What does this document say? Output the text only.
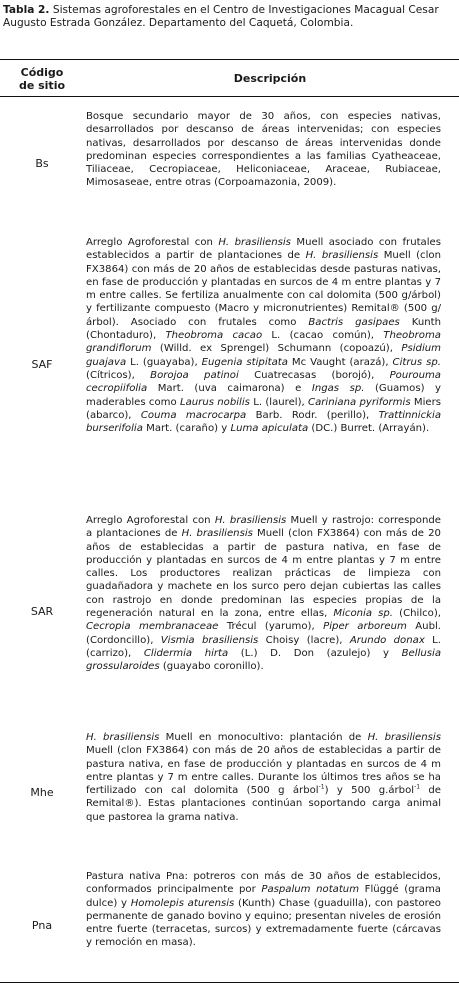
Tabla 2. Sistemas agroforestales en el Centro de Investigaciones Macagual Cesar Augusto Estrada González. Departamento del Caquetá, Colombia.
Código
de sitio
Descripción
Bs
Bosque secundario mayor de 30 años, con especies nativas, desarrollados por descanso de áreas intervenidas; con especies nativas, desarrollados por descanso de áreas intervenidas donde predominan especies correspondientes a las familias Cyatheaceae, Tiliaceae, Cecropiaceae, Heliconiaceae, Araceae, Rubiaceae, Mimosaseae, entre otras (Corpoamazonia, 2009).
SAF
Arreglo Agroforestal con H. brasiliensis Muell asociado con frutales establecidos a partir de plantaciones de H. brasiliensis Muell (clon FX3864) con más de 20 años de establecidas desde pasturas nativas, en fase de producción y plantadas en surcos de 4 m entre plantas y 7 m entre calles. Se fertiliza anualmente con cal dolomita (500 g/árbol) y fertilizante compuesto (Macro y micronutrientes) Remital® (500 g/árbol). Asociado con frutales como Bactris gasipaes Kunth (Chontaduro), Theobroma cacao L. (cacao común), Theobroma grandiflorum (Willd. ex Sprengel) Schumann (copoazú), Psidium guajava L. (guayaba), Eugenia stipitata Mc Vaught (arazá), Citrus sp. (Cítricos), Borojoa patinoi Cuatrecasas (borojó), Pourouma cecropiifolia Mart. (uva caimarona) e Ingas sp. (Guamos) y maderables como Laurus nobilis L. (laurel), Cariniana pyriformis Miers (abarco), Couma macrocarpa Barb. Rodr. (perillo), Trattinnickia burserifolia Mart. (caraño) y Luma apiculata (DC.) Burret. (Arrayán).
SAR
Arreglo Agroforestal con H. brasiliensis Muell y rastrojo: corresponde a plantaciones de H. brasiliensis Muell (clon FX3864) con más de 20 años de establecidas a partir de pastura nativa, en fase de producción y plantadas en surcos de 4 m entre plantas y 7 m entre calles. Los productores realizan prácticas de limpieza con guadañadora y machete en los surco pero dejan cubiertas las calles con rastrojo en donde predominan las especies propias de la regeneración natural en la zona, entre ellas, Miconia sp. (Chilco), Cecropia membranaceae Trécul (yarumo), Piper arboreum Aubl. (Cordoncillo), Vismia brasiliensis Choisy (lacre), Arundo donax L. (carrizo), Clidermia hirta (L.) D. Don (azulejo) y Bellusia grossularoides (guayabo coronillo).
Mhe
H. brasiliensis Muell en monocultivo: plantación de H. brasiliensis Muell (clon FX3864) con más de 20 años de establecidas a partir de pastura nativa, en fase de producción y plantadas en surcos de 4 m entre plantas y 7 m entre calles. Durante los últimos tres años se ha fertilizado con cal dolomita (500 g árbol$^{-1}$) y 500 g.árbol$^{-1}$ de Remital®). Estas plantaciones continúan soportando carga animal que pastorea la grama nativa.
Pna
Pastura nativa Pna: potreros con más de 30 años de establecidos, conformados principalmente por Paspalum notatum Flüggé (grama dulce) y Homolepis aturensis (Kunth) Chase (guaduilla), con pastoreo permanente de ganado bovino y equino; presentan niveles de erosión entre fuerte (terracetas, surcos) y extremadamente fuerte (cárcavas y remoción en masa).
